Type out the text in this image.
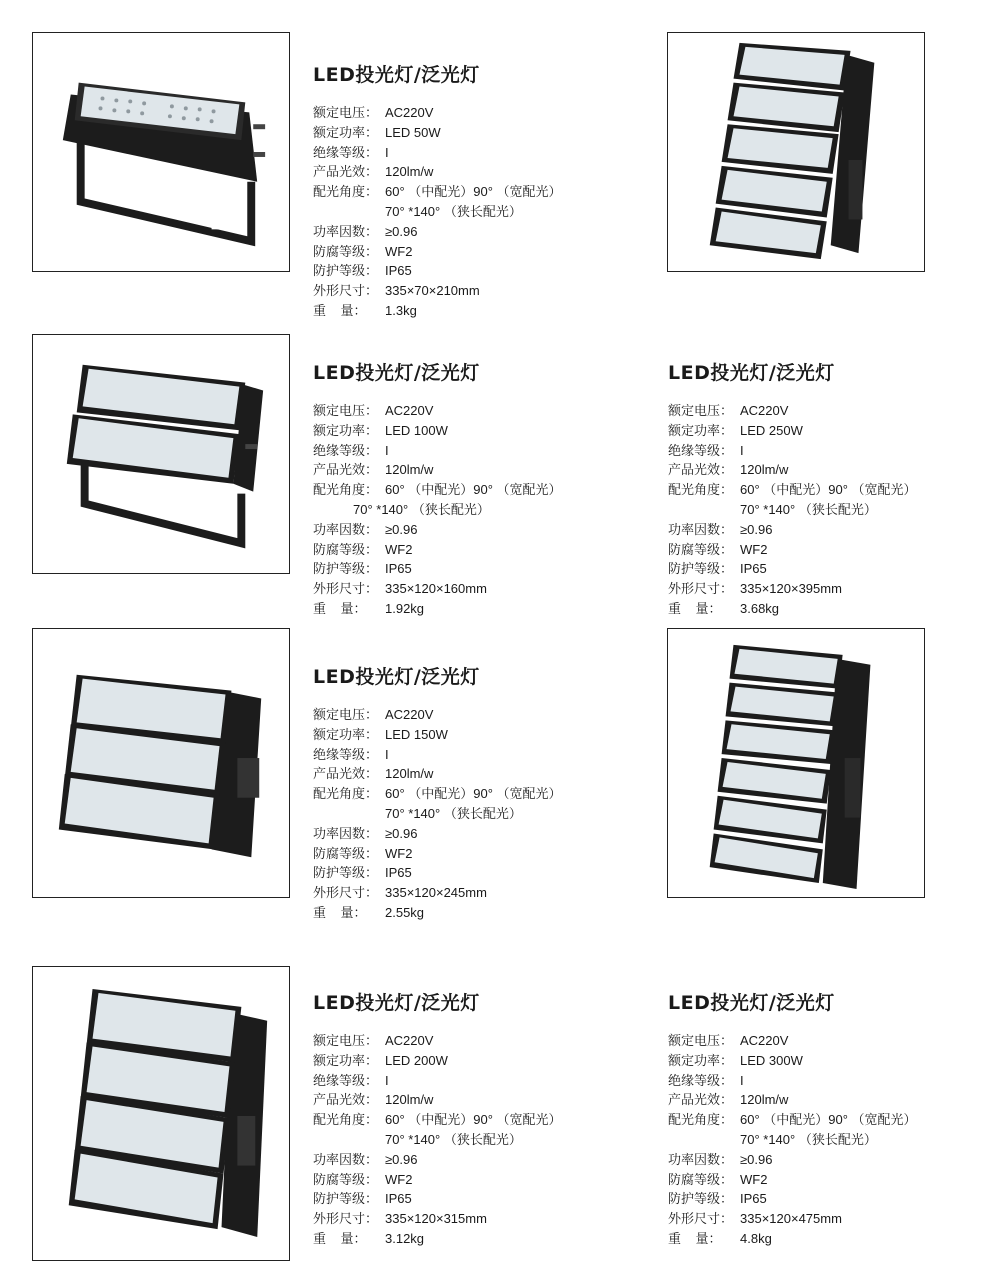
LED投光灯/泛光灯
额定电压： AC220V
额定功率： LED 50W
绝缘等级： I
产品光效： 120lm/w
配光角度： 60° （中配光）90° （宽配光）
70° *140° （狭长配光）
功率因数： ≥0.96
防腐等级： WF2
防护等级： IP65
外形尺寸： 335×70×210mm
重    量： 1.3kg
LED投光灯/泛光灯
额定电压： AC220V
额定功率： LED 100W
绝缘等级： I
产品光效： 120lm/w
配光角度： 60° （中配光）90° （宽配光）
70° *140° （狭长配光）
功率因数： ≥0.96
防腐等级： WF2
防护等级： IP65
外形尺寸： 335×120×160mm
重    量： 1.92kg
LED投光灯/泛光灯
额定电压： AC220V
额定功率： LED 250W
绝缘等级： I
产品光效： 120lm/w
配光角度： 60° （中配光）90° （宽配光）
70° *140° （狭长配光）
功率因数： ≥0.96
防腐等级： WF2
防护等级： IP65
外形尺寸： 335×120×395mm
重    量： 3.68kg
LED投光灯/泛光灯
额定电压： AC220V
额定功率： LED 150W
绝缘等级： I
产品光效： 120lm/w
配光角度： 60° （中配光）90° （宽配光）
70° *140° （狭长配光）
功率因数： ≥0.96
防腐等级： WF2
防护等级： IP65
外形尺寸： 335×120×245mm
重    量： 2.55kg
LED投光灯/泛光灯
额定电压： AC220V
额定功率： LED 200W
绝缘等级： I
产品光效： 120lm/w
配光角度： 60° （中配光）90° （宽配光）
70° *140° （狭长配光）
功率因数： ≥0.96
防腐等级： WF2
防护等级： IP65
外形尺寸： 335×120×315mm
重    量： 3.12kg
LED投光灯/泛光灯
额定电压： AC220V
额定功率： LED 300W
绝缘等级： I
产品光效： 120lm/w
配光角度： 60° （中配光）90° （宽配光）
70° *140° （狭长配光）
功率因数： ≥0.96
防腐等级： WF2
防护等级： IP65
外形尺寸： 335×120×475mm
重    量： 4.8kg
